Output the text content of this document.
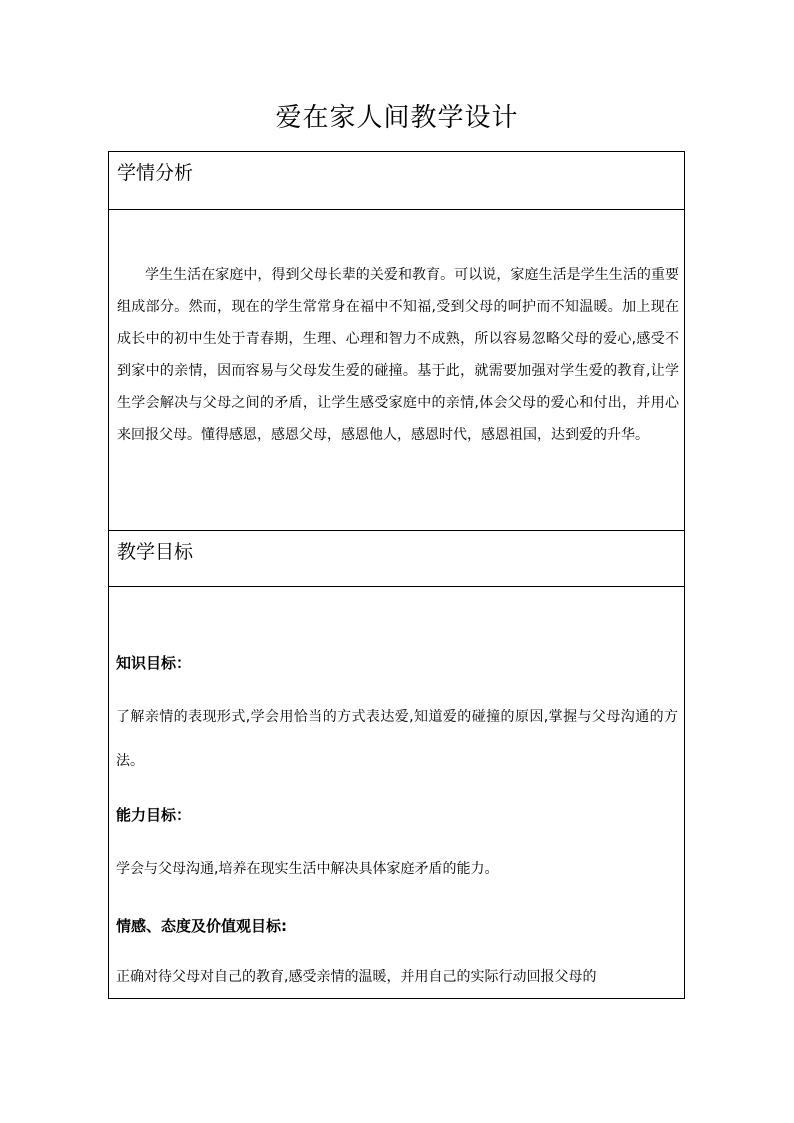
爱在家人间教学设计
学情分析
学生生活在家庭中，得到父母长辈的关爱和教育。可以说，家庭生活是学生生活的重要组成部分。然而，现在的学生常常身在福中不知福,受到父母的呵护而不知温暖。加上现在成长中的初中生处于青春期，生理、心理和智力不成熟，所以容易忽略父母的爱心,感受不到家中的亲情，因而容易与父母发生爱的碰撞。基于此，就需要加强对学生爱的教育,让学生学会解决与父母之间的矛盾，让学生感受家庭中的亲情,体会父母的爱心和付出，并用心来回报父母。懂得感恩，感恩父母，感恩他人，感恩时代，感恩祖国，达到爱的升华。
教学目标
知识目标：
了解亲情的表现形式,学会用恰当的方式表达爱,知道爱的碰撞的原因,掌握与父母沟通的方法。
能力目标：
学会与父母沟通,培养在现实生活中解决具体家庭矛盾的能力。
情感、态度及价值观目标:
正确对待父母对自己的教育,感受亲情的温暖，并用自己的实际行动回报父母的
